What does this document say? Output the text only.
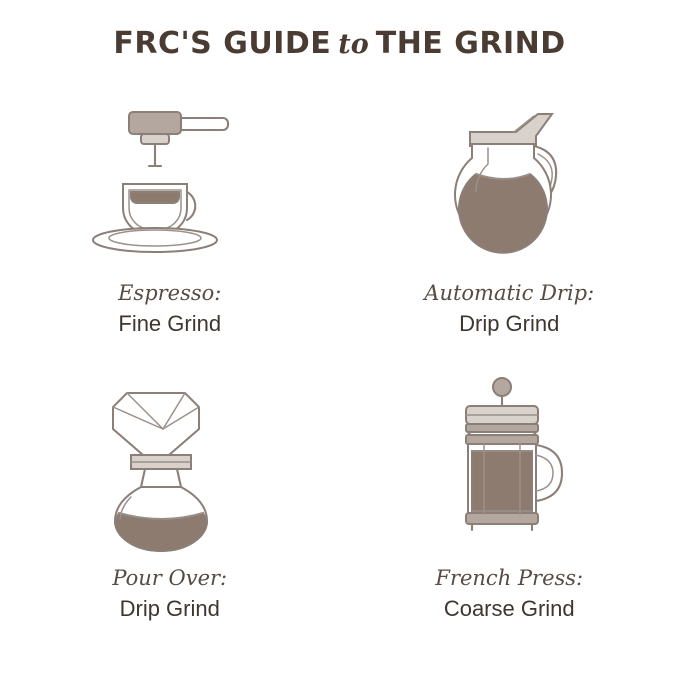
FRC'S GUIDE to THE GRIND
Espresso:
Fine Grind
Automatic Drip:
Drip Grind
Pour Over:
Drip Grind
French Press:
Coarse Grind
